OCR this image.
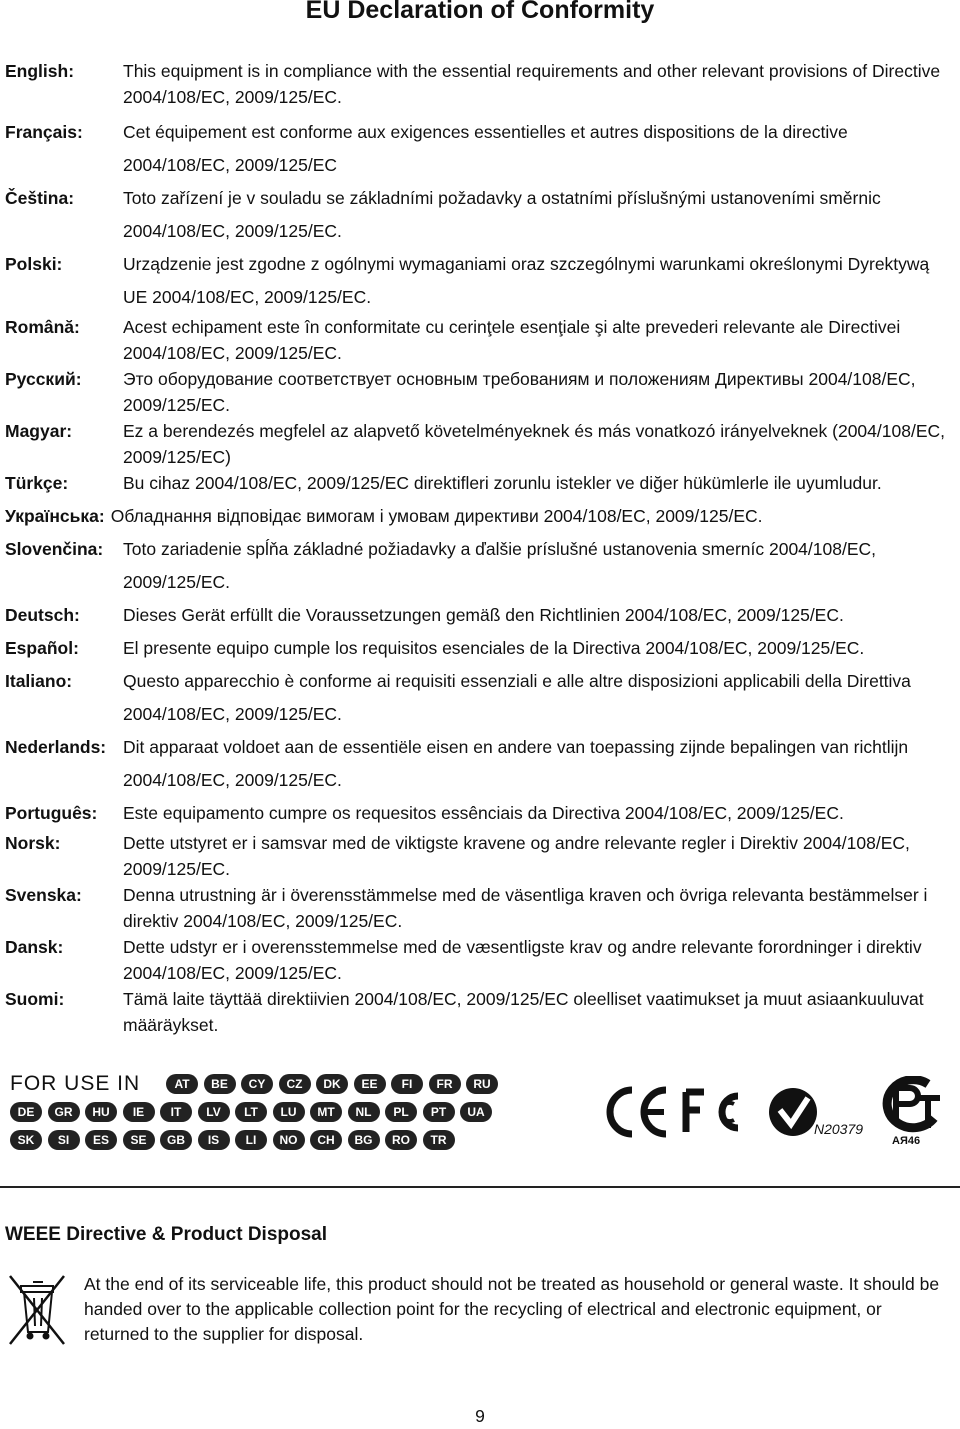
EU Declaration of Conformity
English:	This equipment is in compliance with the essential requirements and other relevant provisions of Directive 2004/108/EC, 2009/125/EC.
Français:	Cet équipement est conforme aux exigences essentielles et autres dispositions de la directive 2004/108/EC, 2009/125/EC
Čeština:	Toto zařízení je v souladu se základními požadavky a ostatními příslušnými ustanoveními směrnic 2004/108/EC, 2009/125/EC.
Polski:	Urządzenie jest zgodne z ogólnymi wymaganiami oraz szczególnymi warunkami określonymi Dyrektywą UE 2004/108/EC, 2009/125/EC.
Română:	Acest echipament este în conformitate cu cerinţele esenţiale şi alte prevederi relevante ale Directivei 2004/108/EC, 2009/125/EC.
Русский:	Это оборудование соответствует основным требованиям и положениям Директивы 2004/108/EC, 2009/125/EC.
Magyar:	Ez a berendezés megfelel az alapvető követelményeknek és más vonatkozó irányelveknek (2004/108/EC, 2009/125/EC)
Türkçe:	Bu cihaz 2004/108/EC, 2009/125/EC direktifleri zorunlu istekler ve diğer hükümlerle ile uyumludur.
Українська: Обладнання відповідає вимогам і умовам директиви 2004/108/EC, 2009/125/EC.
Slovenčina:	Toto zariadenie spĺňa základné požiadavky a ďalšie príslušné ustanovenia smerníc 2004/108/EC, 2009/125/EC.
Deutsch:	Dieses Gerät erfüllt die Voraussetzungen gemäß den Richtlinien 2004/108/EC, 2009/125/EC.
Español:	El presente equipo cumple los requisitos esenciales de la Directiva 2004/108/EC, 2009/125/EC.
Italiano:	Questo apparecchio è conforme ai requisiti essenziali e alle altre disposizioni applicabili della Direttiva 2004/108/EC, 2009/125/EC.
Nederlands: Dit apparaat voldoet aan de essentiële eisen en andere van toepassing zijnde bepalingen van richtlijn 2004/108/EC, 2009/125/EC.
Português:	Este equipamento cumpre os requesitos essênciais da Directiva 2004/108/EC, 2009/125/EC.
Norsk:	Dette utstyret er i samsvar med de viktigste kravene og andre relevante regler i Direktiv 2004/108/EC, 2009/125/EC.
Svenska:	Denna utrustning är i överensstämmelse med de väsentliga kraven och övriga relevanta bestämmelser i direktiv 2004/108/EC, 2009/125/EC.
Dansk:	Dette udstyr er i overensstemmelse med de væsentligste krav og andre relevante forordninger i direktiv 2004/108/EC, 2009/125/EC.
Suomi:	Tämä laite täyttää direktiivien 2004/108/EC, 2009/125/EC oleelliset vaatimukset ja muut asiaankuuluvat määräykset.
FOR USE IN	AT	BE	CY	CZ	DK	EE	FI	FR	RU
DE	GR	HU	IE	IT	LV	LT	LU	MT	NL	PL	PT	UA
SK	SI	ES	SE	GB	IS	LI	NO	CH	BG	RO	TR
N20379
AЯ46
WEEE Directive & Product Disposal
At the end of its serviceable life, this product should not be treated as household or general waste. It should be handed over to the applicable collection point for the recycling of electrical and electronic equipment, or returned to the supplier for disposal.
9
